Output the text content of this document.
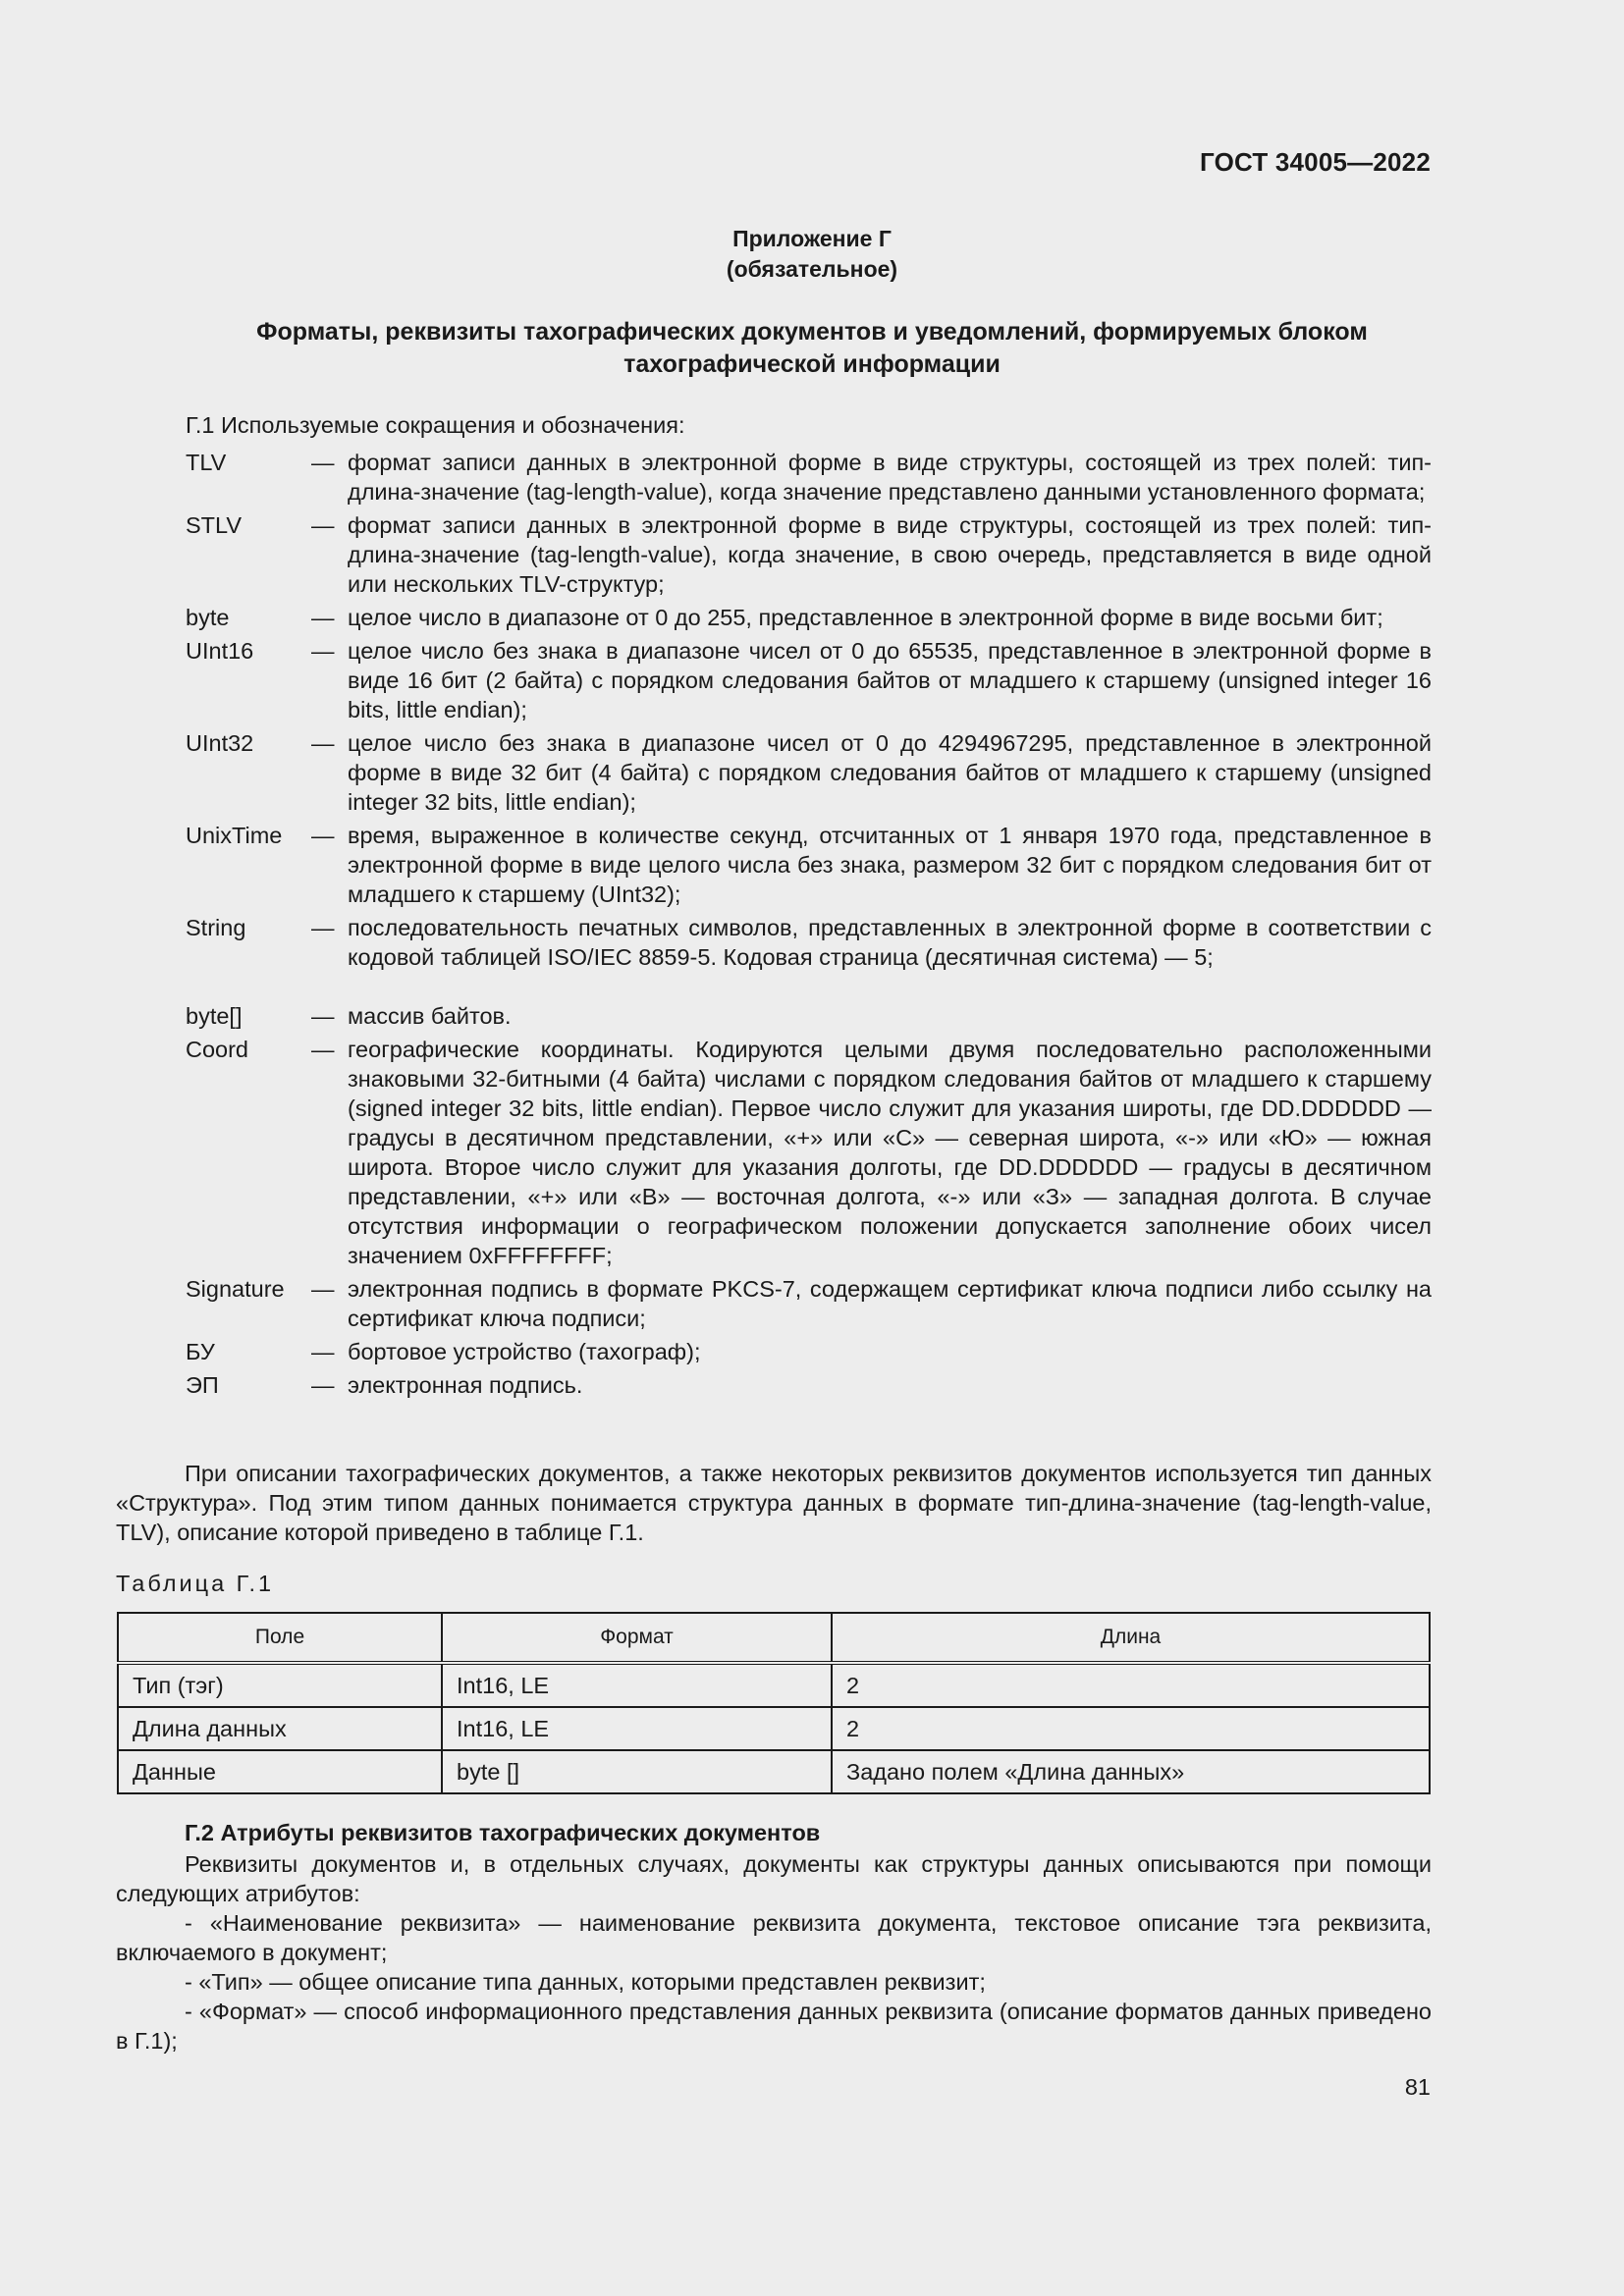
ГОСТ 34005—2022
Приложение Г
(обязательное)
Форматы, реквизиты тахографических документов и уведомлений, формируемых блоком
тахографической информации
Г.1 Используемые сокращения и обозначения:
TLV	— формат записи данных в электронной форме в виде структуры, состоящей из трех полей: тип-длина-значение (tag-length-value), когда значение представлено данными установленного формата;
STLV	— формат записи данных в электронной форме в виде структуры, состоящей из трех полей: тип-длина-значение (tag-length-value), когда значение, в свою очередь, представляется в виде одной или нескольких TLV-структур;
byte	— целое число в диапазоне от 0 до 255, представленное в электронной форме в виде восьми бит;
UInt16	— целое число без знака в диапазоне чисел от 0 до 65535, представленное в электронной форме в виде 16 бит (2 байта) с порядком следования байтов от младшего к старшему (unsigned integer 16 bits, little endian);
UInt32	— целое число без знака в диапазоне чисел от 0 до 4294967295, представленное в электронной форме в виде 32 бит (4 байта) с порядком следования байтов от младшего к старшему (unsigned integer 32 bits, little endian);
UnixTime	— время, выраженное в количестве секунд, отсчитанных от 1 января 1970 года, представленное в электронной форме в виде целого числа без знака, размером 32 бит с порядком следования бит от младшего к старшему (UInt32);
String	— последовательность печатных символов, представленных в электронной форме в соответствии с кодовой таблицей ISO/IEC 8859-5. Кодовая страница (десятичная система) — 5;
byte[]	— массив байтов.
Coord	— географические координаты. Кодируются целыми двумя последовательно расположенными знаковыми 32-битными (4 байта) числами с порядком следования байтов от младшего к старшему (signed integer 32 bits, little endian). Первое число служит для указания широты, где DD.DDDDDD — градусы в десятичном представлении, «+» или «С» — северная широта, «-» или «Ю» — южная широта. Второе число служит для указания долготы, где DD.DDDDDD — градусы в десятичном представлении, «+» или «В» — восточная долгота, «-» или «З» — западная долгота. В случае отсутствия информации о географическом положении допускается заполнение обоих чисел значением 0xFFFFFFFF;
Signature	— электронная подпись в формате PKCS-7, содержащем сертификат ключа подписи либо ссылку на сертификат ключа подписи;
БУ	— бортовое устройство (тахограф);
ЭП	— электронная подпись.

При описании тахографических документов, а также некоторых реквизитов документов используется тип данных «Структура». Под этим типом данных понимается структура данных в формате тип-длина-значение (tag-length-value, TLV), описание которой приведено в таблице Г.1.

Таблица Г.1
Поле	Формат	Длина
Тип (тэг)	Int16, LE	2
Длина данных	Int16, LE	2
Данные	byte []	Задано полем «Длина данных»

Г.2 Атрибуты реквизитов тахографических документов

Реквизиты документов и, в отдельных случаях, документы как структуры данных описываются при помощи следующих атрибутов:

- «Наименование реквизита» — наименование реквизита документа, текстовое описание тэга реквизита, включаемого в документ;

- «Тип» — общее описание типа данных, которыми представлен реквизит;

- «Формат» — способ информационного представления данных реквизита (описание форматов данных приведено в Г.1);

81
